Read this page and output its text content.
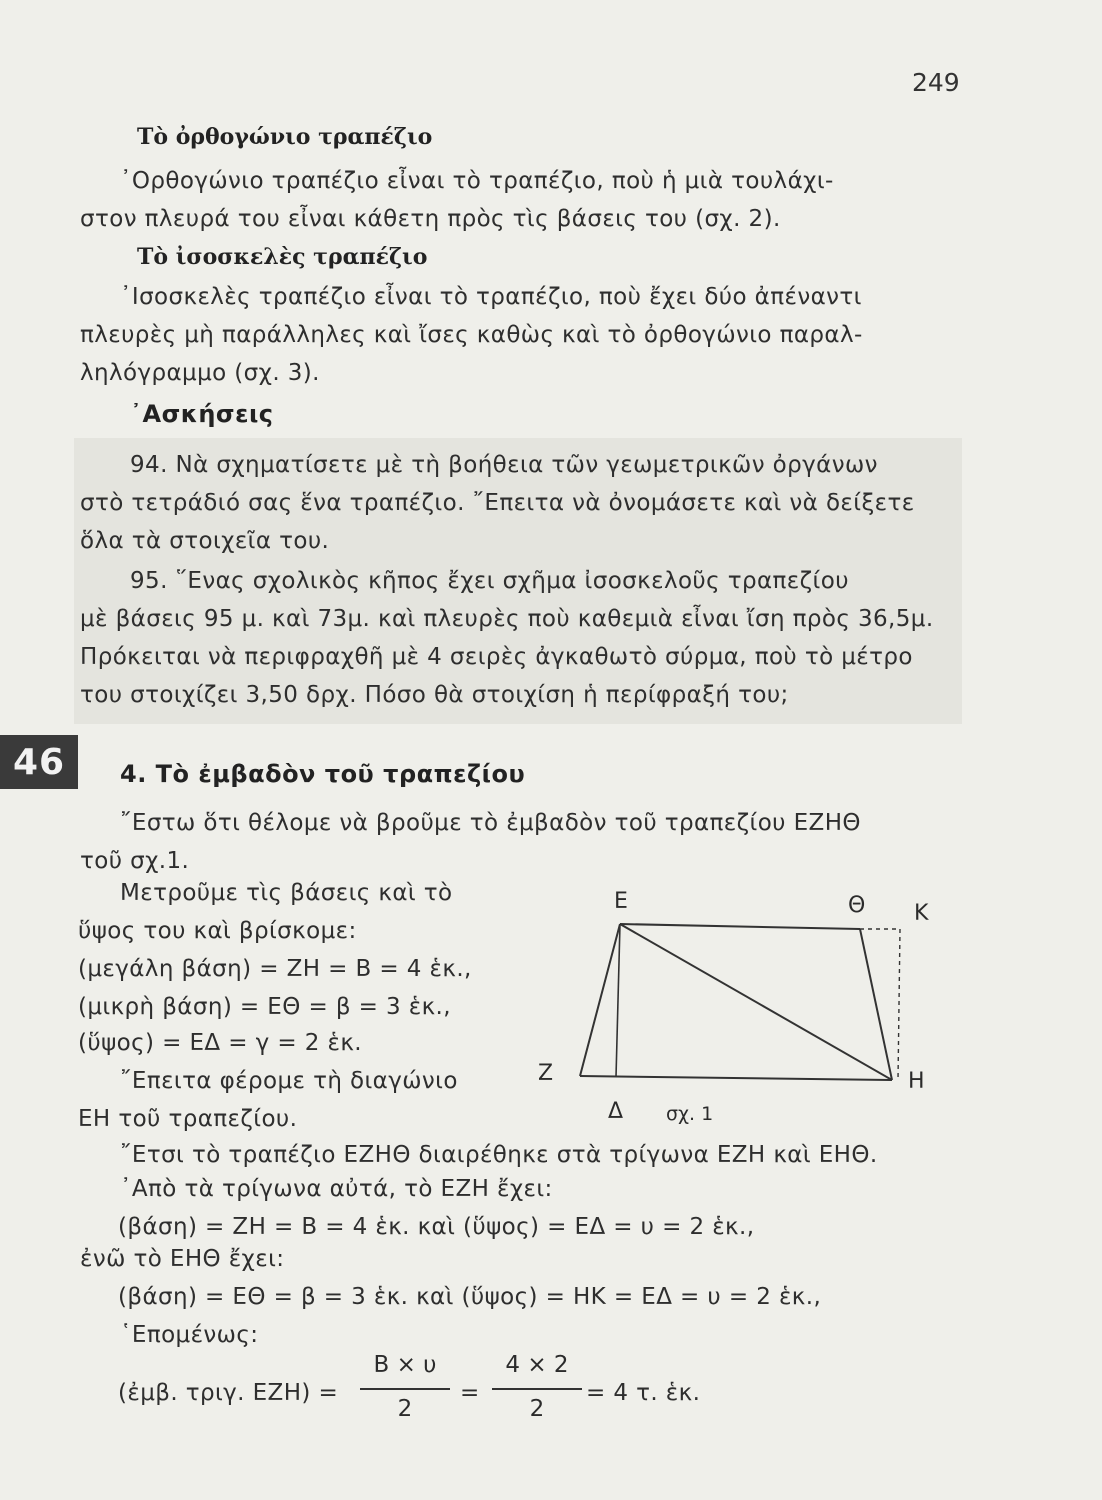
249
Τὸ ὀρθογώνιο τραπέζιο
᾿Ορθογώνιο τραπέζιο εἶναι τὸ τραπέζιο, ποὺ ἡ μιὰ τουλάχι-
στον πλευρά του εἶναι κάθετη πρὸς τὶς βάσεις του (σχ. 2).
Τὸ ἰσοσκελὲς τραπέζιο
᾿Ισοσκελὲς τραπέζιο εἶναι τὸ τραπέζιο, ποὺ ἔχει δύο ἀπέναντι
πλευρὲς μὴ παράλληλες καὶ ἴσες καθὼς καὶ τὸ ὀρθογώνιο παραλ-
ληλόγραμμο (σχ. 3).
᾿Ασκήσεις
94. Νὰ σχηματίσετε μὲ τὴ βοήθεια τῶν γεωμετρικῶν ὀργάνων
στὸ τετράδιό σας ἕνα τραπέζιο. ῎Επειτα νὰ ὀνομάσετε καὶ νὰ δείξετε
ὅλα τὰ στοιχεῖα του.
95. ῞Ενας σχολικὸς κῆπος ἔχει σχῆμα ἰσοσκελοῦς τραπεζίου
μὲ βάσεις 95 μ. καὶ 73μ. καὶ πλευρὲς ποὺ καθεμιὰ εἶναι ἴση πρὸς 36,5μ.
Πρόκειται νὰ περιφραχθῆ μὲ 4 σειρὲς ἀγκαθωτὸ σύρμα, ποὺ τὸ μέτρο
του στοιχίζει 3,50 δρχ. Πόσο θὰ στοιχίση ἡ περίφραξή του;
46	4. Τὸ ἐμβαδὸν τοῦ τραπεζίου
῎Εστω ὅτι θέλομε νὰ βροῦμε τὸ ἐμβαδὸν τοῦ τραπεζίου ΕΖΗΘ
τοῦ σχ.1.
Μετροῦμε τὶς βάσεις καὶ τὸ
ὕψος του καὶ βρίσκομε:
(μεγάλη βάση) = ΖΗ = Β = 4 ἑκ.,
(μικρὴ βάση) = ΕΘ = β = 3 ἑκ.,
(ὕψος) = ΕΔ = γ = 2 ἑκ.
῎Επειτα φέρομε τὴ διαγώνιο
ΕΗ τοῦ τραπεζίου.
Ε	Θ Κ
Ζ	Η
Δ σχ. 1
῎Ετσι τὸ τραπέζιο ΕΖΗΘ διαιρέθηκε στὰ τρίγωνα ΕΖΗ καὶ ΕΗΘ.
᾿Απὸ τὰ τρίγωνα αὐτά, τὸ ΕΖΗ ἔχει:
(βάση) = ΖΗ = Β = 4 ἑκ. καὶ (ὕψος) = ΕΔ = υ = 2 ἑκ.,
ἐνῶ τὸ ΕΗΘ ἔχει:
(βάση) = ΕΘ = β = 3 ἑκ. καὶ (ὕψος) = ΗΚ = ΕΔ = υ = 2 ἑκ.,
῾Επομένως:
(ἐμβ. τριγ. ΕΖΗ) =
Β × υ
2
=
4 × 2
2
= 4 τ. ἑκ.
